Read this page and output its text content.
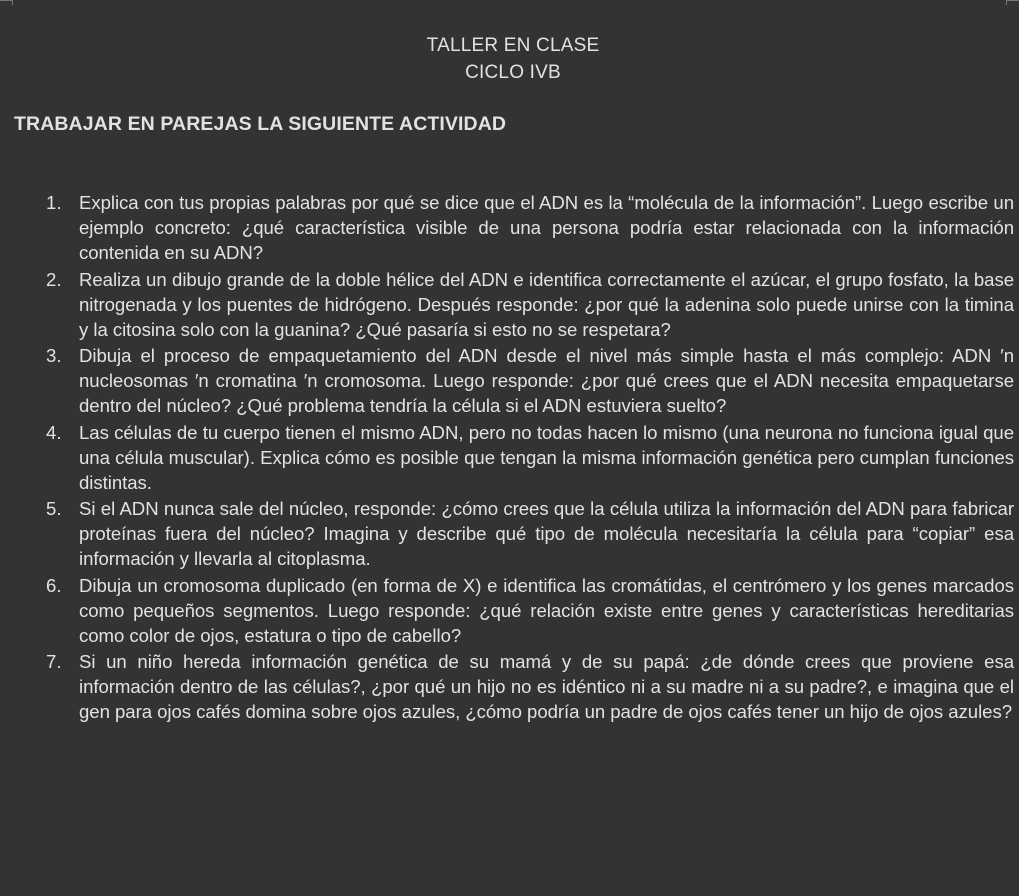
TALLER EN CLASE
CICLO IVB
TRABAJAR EN PAREJAS LA SIGUIENTE ACTIVIDAD
1. Explica con tus propias palabras por qué se dice que el ADN es la “molécula de la información”. Luego escribe un ejemplo concreto: ¿qué característica visible de una persona podría estar relacionada con la información contenida en su ADN?
2. Realiza un dibujo grande de la doble hélice del ADN e identifica correctamente el azúcar, el grupo fosfato, la base nitrogenada y los puentes de hidrógeno. Después responde: ¿por qué la adenina solo puede unirse con la timina y la citosina solo con la guanina? ¿Qué pasaría si esto no se respetara?
3. Dibuja el proceso de empaquetamiento del ADN desde el nivel más simple hasta el más complejo: ADN ′n nucleosomas ′n cromatina ′n cromosoma. Luego responde: ¿por qué crees que el ADN necesita empaquetarse dentro del núcleo? ¿Qué problema tendría la célula si el ADN estuviera suelto?
4. Las células de tu cuerpo tienen el mismo ADN, pero no todas hacen lo mismo (una neurona no funciona igual que una célula muscular). Explica cómo es posible que tengan la misma información genética pero cumplan funciones distintas.
5. Si el ADN nunca sale del núcleo, responde: ¿cómo crees que la célula utiliza la información del ADN para fabricar proteínas fuera del núcleo? Imagina y describe qué tipo de molécula necesitaría la célula para “copiar” esa información y llevarla al citoplasma.
6. Dibuja un cromosoma duplicado (en forma de X) e identifica las cromátidas, el centrómero y los genes marcados como pequeños segmentos. Luego responde: ¿qué relación existe entre genes y características hereditarias como color de ojos, estatura o tipo de cabello?
7. Si un niño hereda información genética de su mamá y de su papá: ¿de dónde crees que proviene esa información dentro de las células?, ¿por qué un hijo no es idéntico ni a su madre ni a su padre?, e imagina que el gen para ojos cafés domina sobre ojos azules, ¿cómo podría un padre de ojos cafés tener un hijo de ojos azules?
